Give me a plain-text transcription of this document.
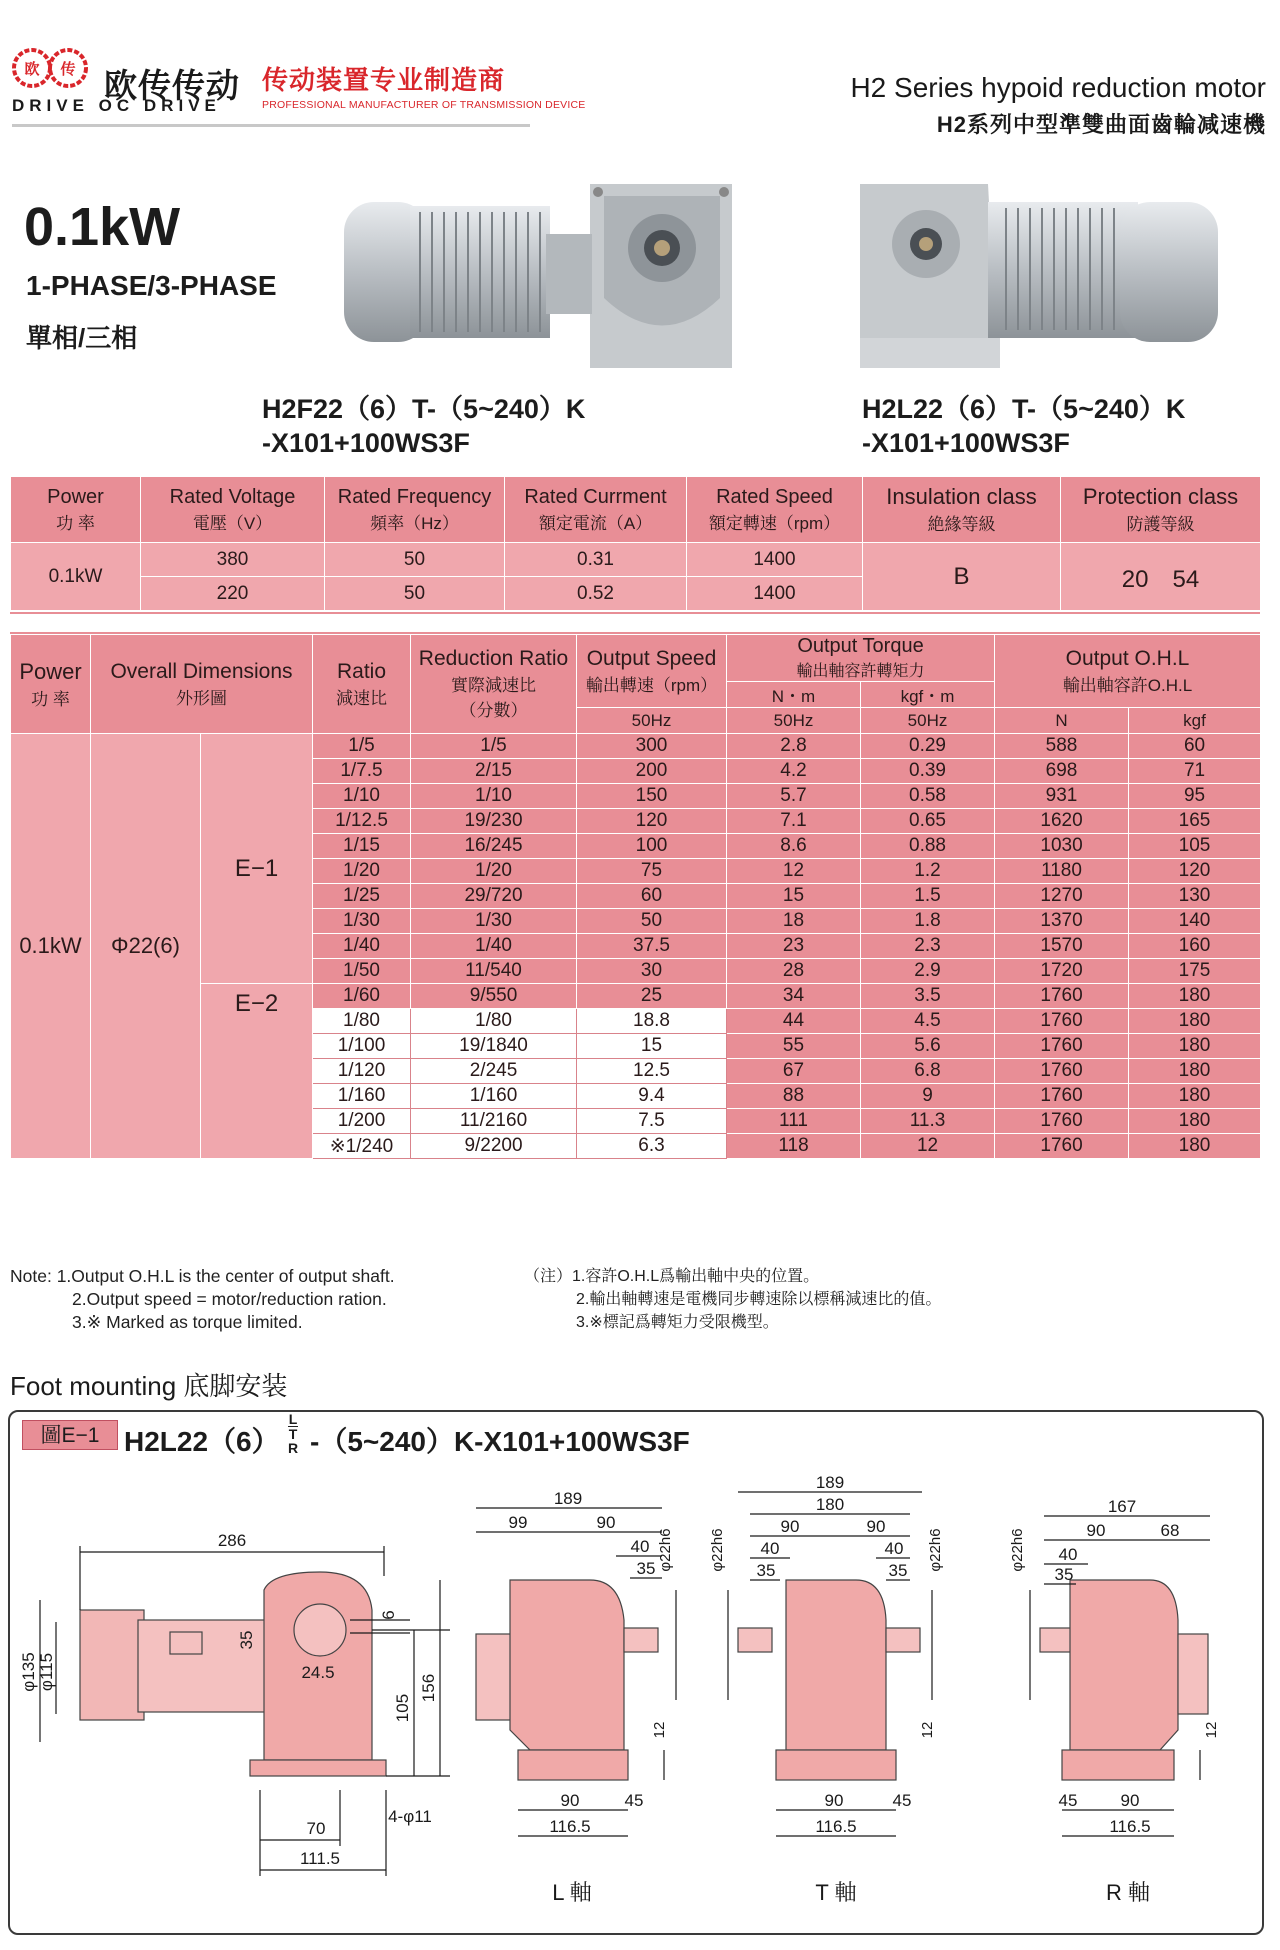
欧 传 欧传传动
DRIVE OC DRIVE
传动装置专业制造商
PROFESSIONAL MANUFACTURER OF TRANSMISSION DEVICE
H2 Series hypoid reduction motor
H2系列中型準雙曲面齒輪减速機
0.1kW
1-PHASE/3-PHASE
單相/三相
H2F22（6）T-（5~240）K
-X101+100WS3F
H2L22（6）T-（5~240）K
-X101+100WS3F
Power
功 率	Rated Voltage
電壓（V）	Rated Frequency
頻率（Hz）	Rated Currment
額定電流（A）	Rated Speed
額定轉速（rpm）	Insulation class
絶緣等級	Protection class
防護等級

0.1kW	380	50	0.31	1400	B	20　54
	220	50	0.52	1400		
Power
功 率	Overall Dimensions
外形圖		Ratio
減速比	Reduction Ratio
實際減速比
（分數）	Output Speed
輸出轉速（rpm）	Output Torque
輸出軸容許轉矩力		Output O.H.L
輸出軸容許O.H.L	

						N・m	kgf・m		
					50Hz	50Hz	50Hz	N	kgf
0.1kW	Φ22(6)	E−1	1/5	1/5	300	2.8	0.29	588	60
			1/7.5	2/15	200	4.2	0.39	698	71
			1/10	1/10	150	5.7	0.58	931	95
			1/12.5	19/230	120	7.1	0.65	1620	165
			1/15	16/245	100	8.6	0.88	1030	105
			1/20	1/20	75	12	1.2	1180	120
			1/25	29/720	60	15	1.5	1270	130
			1/30	1/30	50	18	1.8	1370	140
			1/40	1/40	37.5	23	2.3	1570	160
			1/50	11/540	30	28	2.9	1720	175
		E−2	1/60	9/550	25	34	3.5	1760	180
			1/80	1/80	18.8	44	4.5	1760	180
			1/100	19/1840	15	55	5.6	1760	180
			1/120	2/245	12.5	67	6.8	1760	180
			1/160	1/160	9.4	88	9	1760	180
			1/200	11/2160	7.5	111	11.3	1760	180
			※1/240	9/2200	6.3	118	12	1760	180
Note: 1.Output O.H.L is the center of output shaft.
2.Output speed = motor/reduction ration.
3.※ Marked as torque limited.
（注）1.容許O.H.L爲輸出軸中央的位置。
2.輸出軸轉速是電機同步轉速除以標稱減速比的值。
3.※標記爲轉矩力受限機型。
Foot mounting 底脚安装
圖E−1 H2L22（6）
L
T
R -（5~240）K-X101+100WS3F
286
φ135 φ115	156
105
35
6
24.5
70
111.5
4-φ11
189
99	90
40
35 φ22h6
12
90	45
116.5
L 軸
189
180
90	90
40	40
35	35
φ22h6	φ22h6
12
90	45
116.5
T 軸
167
90	68
40
35
φ22h6
12
45	90
116.5
R 軸
